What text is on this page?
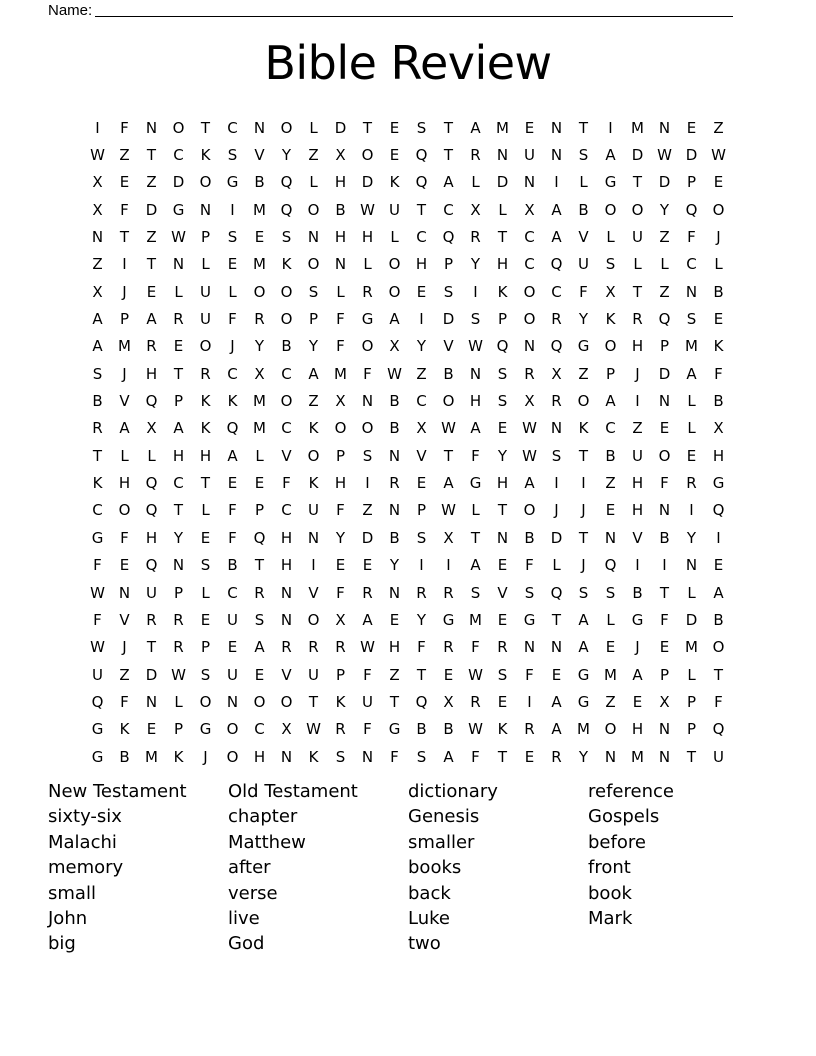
Name:
Bible Review
I	F	N	O	T	C	N	O	L	D	T	E	S	T	A	M	E	N	T	I	M N	E	Z
W Z	T	C	K	S	V	Y	Z	X	O	E	Q	T	R	N	U	N	S	A	D W D W
X	E	Z	D	O	G	B	Q	L	H	D	K	Q	A	L	D	N	I	L	G	T	D	P	E
X	F	D	G	N	I	M Q	O	B W U	T	C	X	L	X	A	B	O	O	Y	Q	O
N	T	Z W	P	S	E	S	N	H	H	L	C	Q	R	T	C	A	V	L	U	Z	F	J
Z	I	T	N	L	E	M	K	O	N	L	O	H	P	Y	H	C	Q	U	S	L	L	C	L
X	J	E	L	U	L	O	O	S	L	R	O	E	S	I	K	O	C	F	X	T	Z	N	B
A	P	A	R	U	F	R	O	P	F	G	A	I	D	S	P	O	R	Y	K	R	Q	S	E
A	M	R	E	O	J	Y	B	Y	F	O	X	Y	V W Q	N	Q	G	O	H	P	M	K
S	J	H	T	R	C	X	C	A	M	F	W Z	B	N	S	R	X	Z	P	J	D	A	F
B	V	Q	P	K	K	M O	Z	X	N	B	C	O	H	S	X	R	O	A	I	N	L	B
R	A	X	A	K	Q M	C	K	O	O	B	X W A	E W N	K	C	Z	E	L	X
T	L	L	H	H	A	L	V	O	P	S	N	V	T	F	Y	W S	T	B	U	O	E	H
K	H	Q	C	T	E	E	F	K	H	I	R	E	A	G	H	A	I	I	Z	H	F	R	G
C	O	Q	T	L	F	P	C	U	F	Z	N	P	W	L	T	O	J	J	E	H	N	I	Q
G	F	H	Y	E	F	Q	H	N	Y	D	B	S	X	T	N	B	D	T	N	V	B	Y	I
F	E	Q	N	S	B	T	H	I	E	E	Y	I	I	A	E	F	L	J	Q	I	I	N	E
W N	U	P	L	C	R	N	V	F	R	N	R	R	S	V	S	Q	S	S	B	T	L	A
F	V	R	R	E	U	S	N	O	X	A	E	Y	G M	E	G	T	A	L	G	F	D	B
W	J	T	R	P	E	A	R	R	R W H	F	R	F	R	N	N	A	E	J	E	M O
U	Z	D W S	U	E	V	U	P	F	Z	T	E W S	F	E	G M	A	P	L	T
Q	F	N	L	O	N	O	O	T	K	U	T	Q	X	R	E	I	A	G	Z	E	X	P	F
G	K	E	P	G	O	C	X W R	F	G	B	B W K	R	A	M O	H	N	P	Q
G	B	M	K	J	O	H	N	K	S	N	F	S	A	F	T	E	R	Y	N M N	T	U
New Testament	Old Testament	dictionary	reference
sixty-six	chapter	Genesis	Gospels
Malachi	Matthew	smaller	before
memory	after	books	front
small	verse	back	book
John	live	Luke	Mark
big	God	two
